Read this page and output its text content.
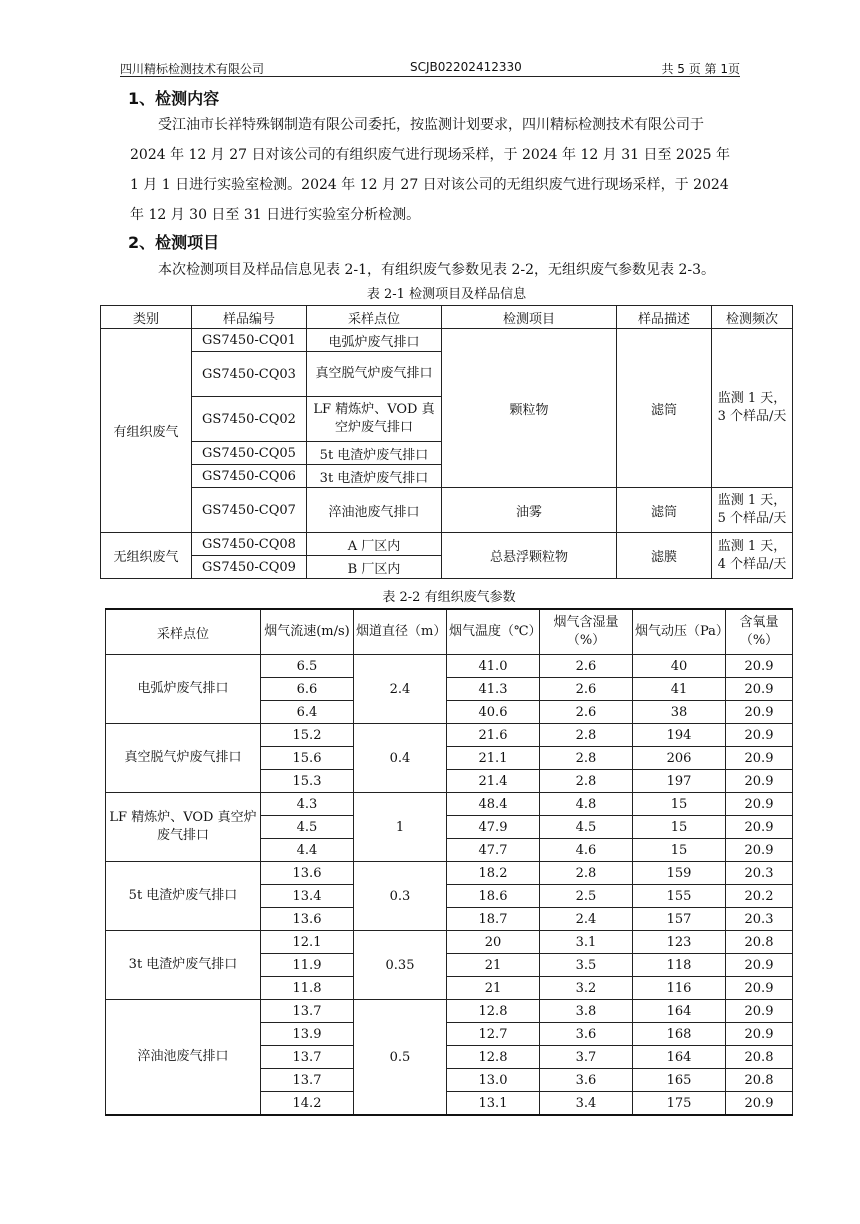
四川精标检测技术有限公司	SCJB02202412330	共 5 页 第 1页
1、检测内容
受江油市长祥特殊钢制造有限公司委托，按监测计划要求，四川精标检测技术有限公司于 2024 年 12 月 27 日对该公司的有组织废气进行现场采样，于 2024 年 12 月 31 日至 2025 年 1 月 1 日进行实验室检测。2024 年 12 月 27 日对该公司的无组织废气进行现场采样，于 2024 年 12 月 30 日至 31 日进行实验室分析检测。
2、检测项目
本次检测项目及样品信息见表 2-1，有组织废气参数见表 2-2，无组织废气参数见表 2-3。
表 2-1 检测项目及样品信息
类别	样品编号	采样点位	检测项目	样品描述	检测频次
有组织废气	GS7450-CQ01	电弧炉废气排口	颗粒物	滤筒	监测 1 天，3 个样品/天
	GS7450-CQ03	真空脱气炉废气排口			
	GS7450-CQ02	LF 精炼炉、VOD 真空炉废气排口			
	GS7450-CQ05	5t 电渣炉废气排口			
	GS7450-CQ06	3t 电渣炉废气排口			
	GS7450-CQ07	淬油池废气排口	油雾	滤筒	监测 1 天，5 个样品/天
无组织废气	GS7450-CQ08	A 厂区内	总悬浮颗粒物	滤膜	监测 1 天，4 个样品/天
	GS7450-CQ09	B 厂区内			
表 2-2 有组织废气参数
采样点位	烟气流速(m/s)	烟道直径（m）	烟气温度（℃）	烟气含湿量（%）	烟气动压（Pa）	含氧量（%）
电弧炉废气排口	6.5	2.4	41.0	2.6	40	20.9
	6.6		41.3	2.6	41	20.9
	6.4		40.6	2.6	38	20.9
真空脱气炉废气排口	15.2	0.4	21.6	2.8	194	20.9
	15.6		21.1	2.8	206	20.9
	15.3		21.4	2.8	197	20.9
LF 精炼炉、VOD 真空炉废气排口	4.3	1	48.4	4.8	15	20.9
	4.5		47.9	4.5	15	20.9
	4.4		47.7	4.6	15	20.9
5t 电渣炉废气排口	13.6	0.3	18.2	2.8	159	20.3
	13.4		18.6	2.5	155	20.2
	13.6		18.7	2.4	157	20.3
3t 电渣炉废气排口	12.1	0.35	20	3.1	123	20.8
	11.9		21	3.5	118	20.9
	11.8		21	3.2	116	20.9
淬油池废气排口	13.7	0.5	12.8	3.8	164	20.9
	13.9		12.7	3.6	168	20.9
	13.7		12.8	3.7	164	20.8
	13.7		13.0	3.6	165	20.8
	14.2		13.1	3.4	175	20.9
